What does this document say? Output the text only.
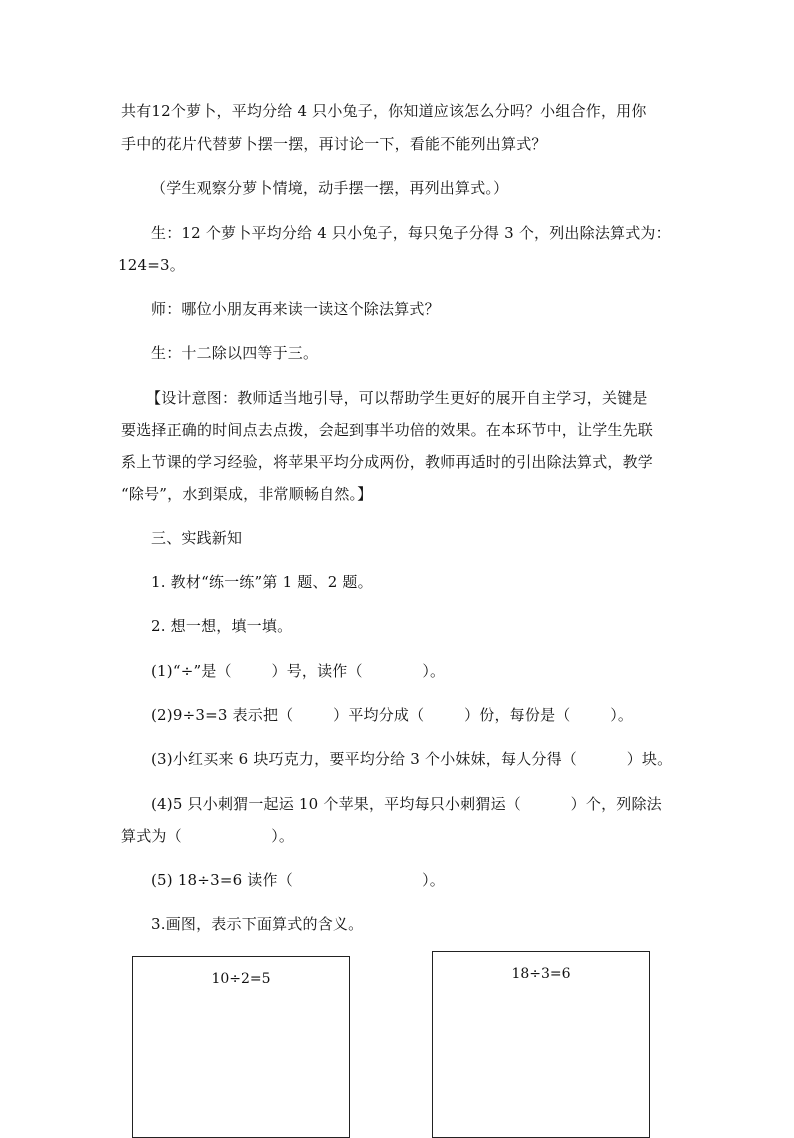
共有12个萝卜，平均分给 4 只小兔子，你知道应该怎么分吗？小组合作，用你
手中的花片代替萝卜摆一摆，再讨论一下，看能不能列出算式？
（学生观察分萝卜情境，动手摆一摆，再列出算式。）
生：12 个萝卜平均分给 4 只小兔子，每只兔子分得 3 个，列出除法算式为：
124=3。
师：哪位小朋友再来读一读这个除法算式？
生：十二除以四等于三。
【设计意图：教师适当地引导，可以帮助学生更好的展开自主学习，关键是
要选择正确的时间点去点拨，会起到事半功倍的效果。在本环节中，让学生先联
系上节课的学习经验，将苹果平均分成两份，教师再适时的引出除法算式，教学
“除号”，水到渠成，非常顺畅自然。】
三、实践新知
1. 教材“练一练”第 1 题、2 题。
2. 想一想，填一填。
(1)“÷”是（        ）号，读作（            ）。
(2)9÷3=3 表示把（        ）平均分成（        ）份，每份是（        ）。
(3)小红买来 6 块巧克力，要平均分给 3 个小妹妹，每人分得（          ）块。
(4)5 只小刺猬一起运 10 个苹果，平均每只小刺猬运（          ）个，列除法
算式为（                  ）。
(5) 18÷3=6 读作（                          ）。
3.画图，表示下面算式的含义。
10÷2=5	18÷3=6
